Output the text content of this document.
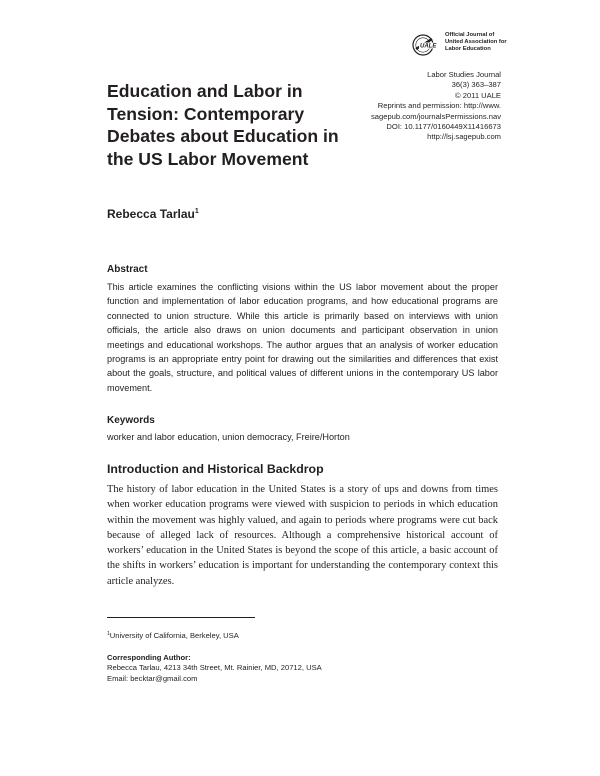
UALE
Official Journal of
United Association for
Labor Education
Labor Studies Journal
36(3) 363–387
© 2011 UALE
Reprints and permission: http://www.
sagepub.com/journalsPermissions.nav
DOI: 10.1177/0160449X11416673
http://lsj.sagepub.com
Education and Labor in Tension: Contemporary Debates about Education in the US Labor Movement
Rebecca Tarlau$^1$
Abstract

This article examines the conflicting visions within the US labor movement about the proper function and implementation of labor education programs, and how educational programs are connected to union structure. While this article is primarily based on interviews with union officials, the article also draws on union documents and participant observation in union meetings and educational workshops. The author argues that an analysis of worker education programs is an appropriate entry point for drawing out the similarities and differences that exist about the goals, structure, and political values of different unions in the contemporary US labor movement.

Keywords

worker and labor education, union democracy, Freire/Horton

Introduction and Historical Backdrop

The history of labor education in the United States is a story of ups and downs from times when worker education programs were viewed with suspicion to periods in which education within the movement was highly valued, and again to periods where programs were cut back because of alleged lack of resources. Although a comprehensive historical account of workers’ education in the United States is beyond the scope of this article, a basic account of the shifts in workers’ education is important for understanding the contemporary context this article analyzes.

$^1$University of California, Berkeley, USA

Corresponding Author:

Rebecca Tarlau, 4213 34th Street, Mt. Rainier, MD, 20712, USA
Email: becktar@gmail.com
